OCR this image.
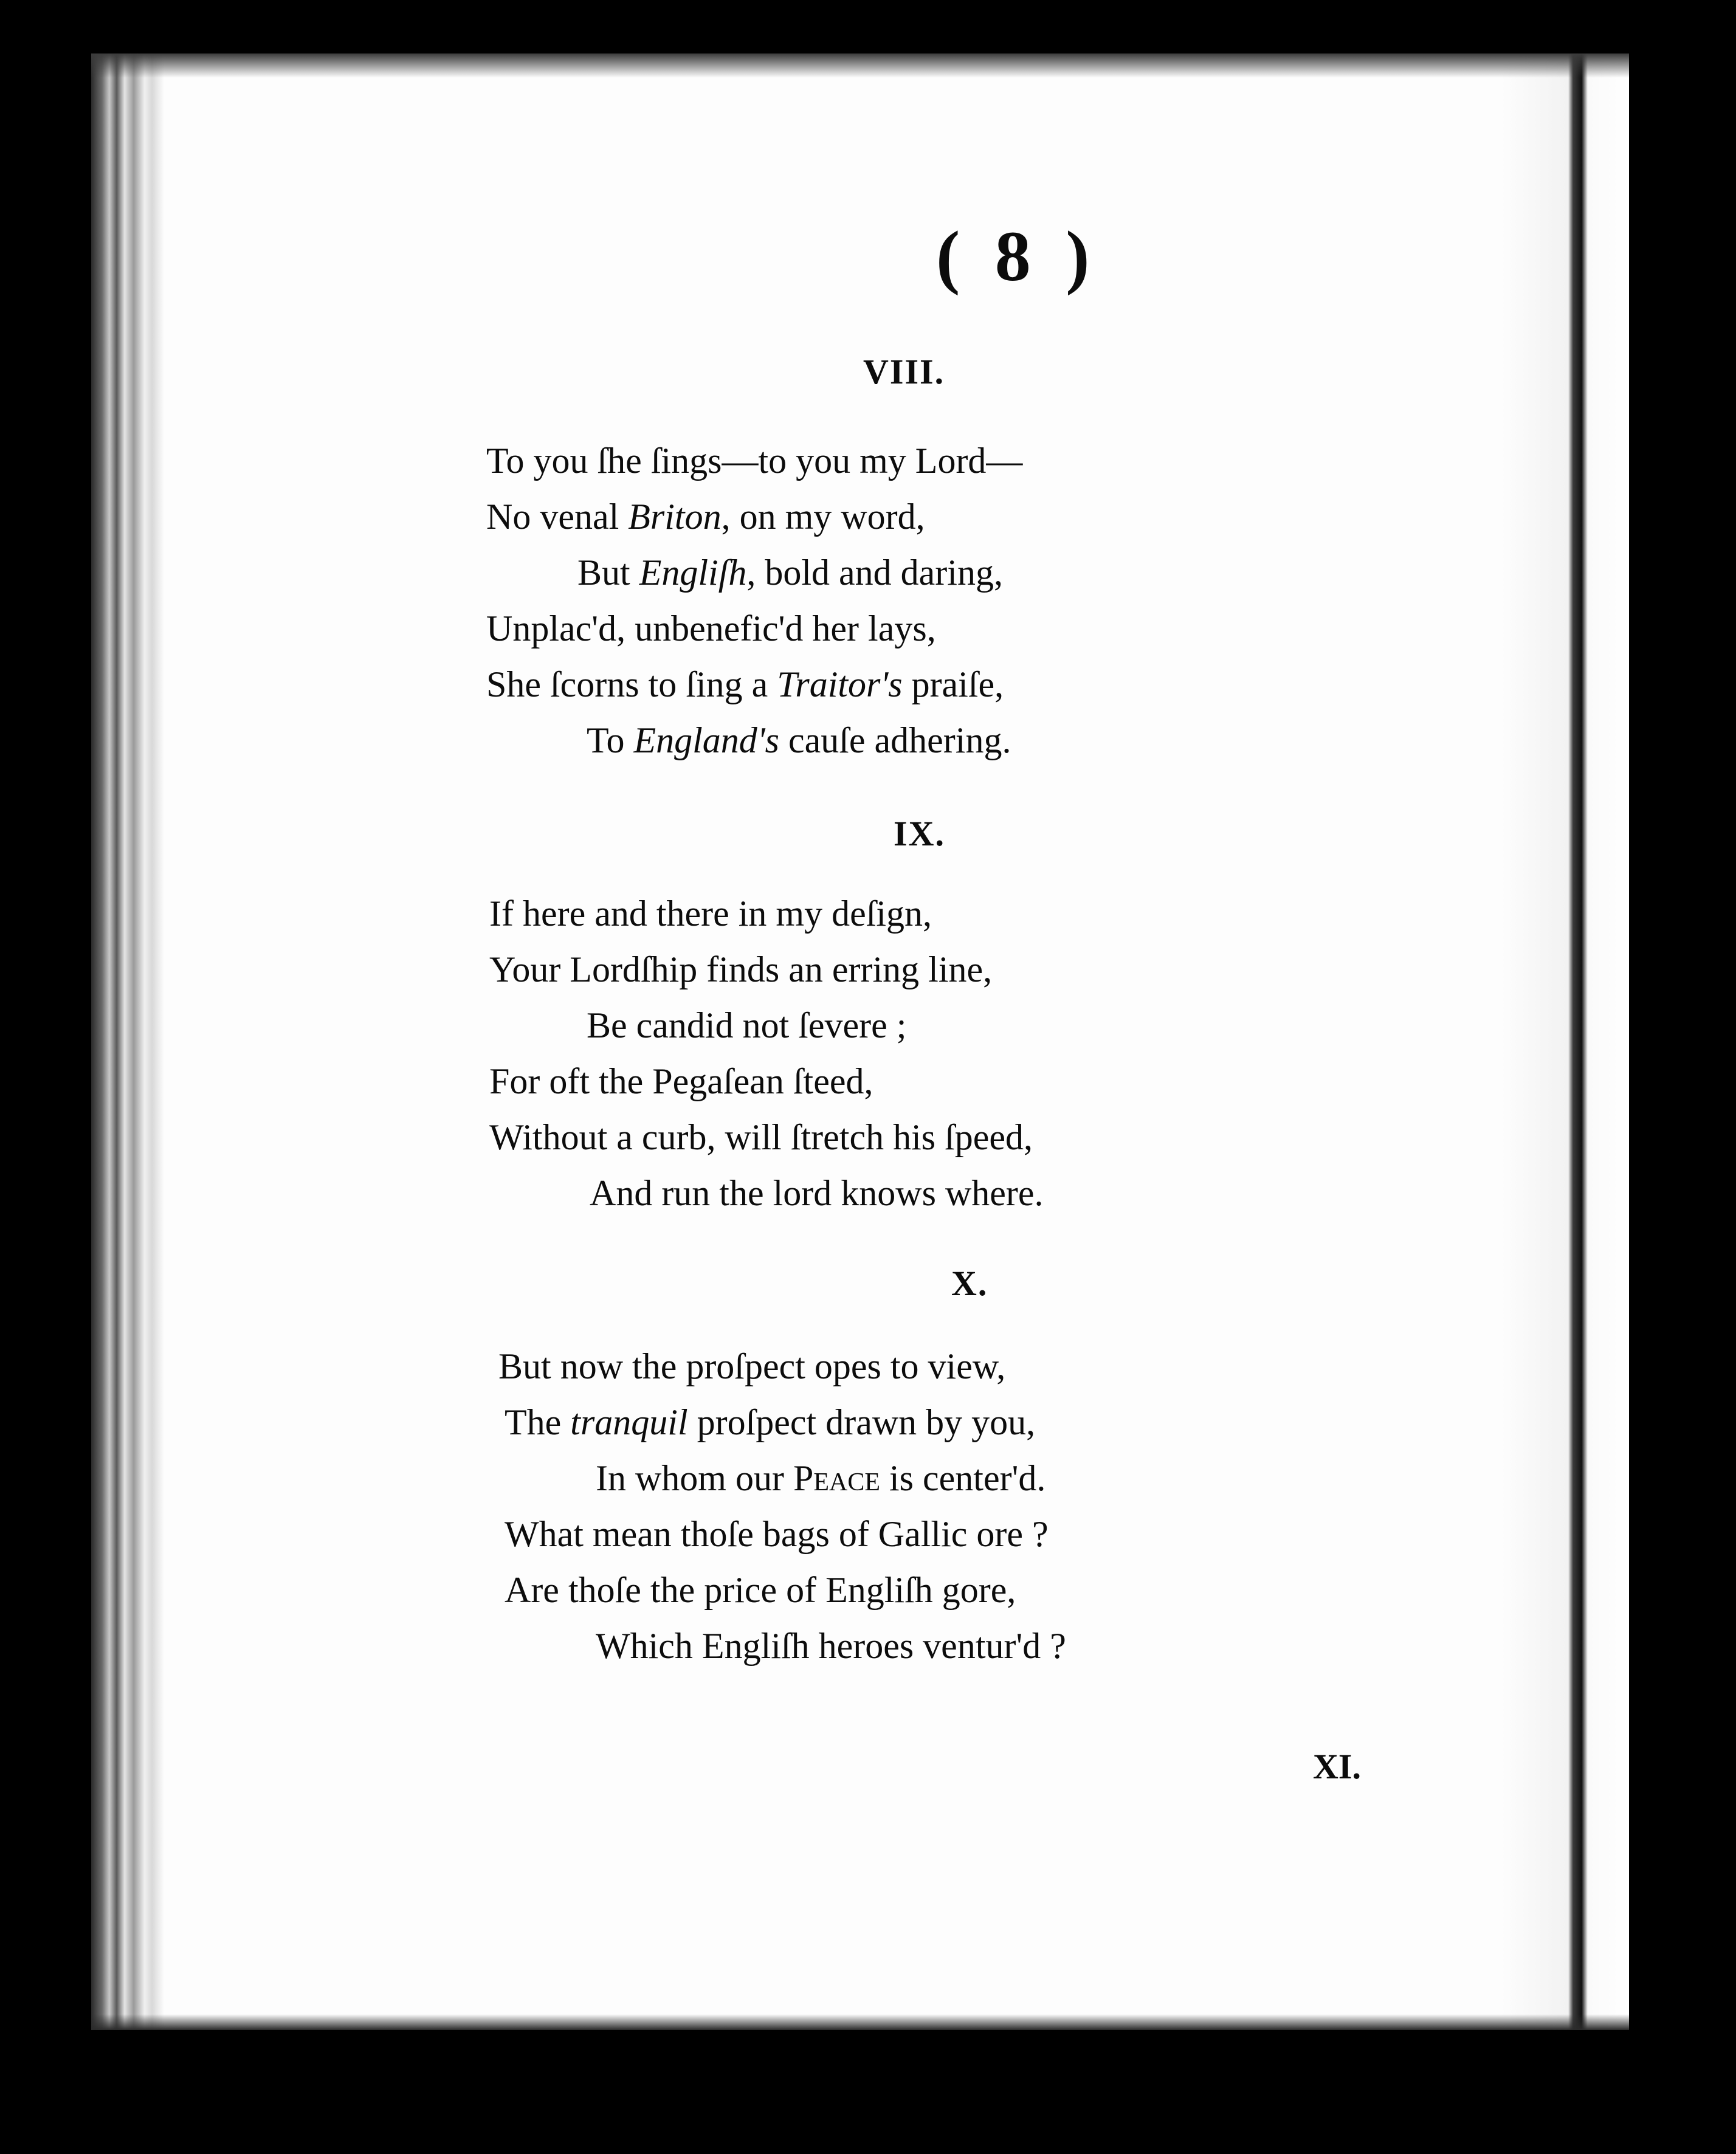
( 8 )
VIII.
To you ſhe ſings—to you my Lord—
No venal Briton, on my word,
But Engliſh, bold and daring,
Unplac'd, unbenefic'd her lays,
She ſcorns to ſing a Traitor's praiſe,
To England's cauſe adhering.
IX.
If here and there in my deſign,
Your Lordſhip finds an erring line,
Be candid not ſevere ;
For oft the Pegaſean ſteed,
Without a curb, will ſtretch his ſpeed,
And run the lord knows where.
X.
But now the proſpect opes to view,
The tranquil proſpect drawn by you,
In whom our Peace is center'd.
What mean thoſe bags of Gallic ore ?
Are thoſe the price of Engliſh gore,
Which Engliſh heroes ventur'd ?
XI.
